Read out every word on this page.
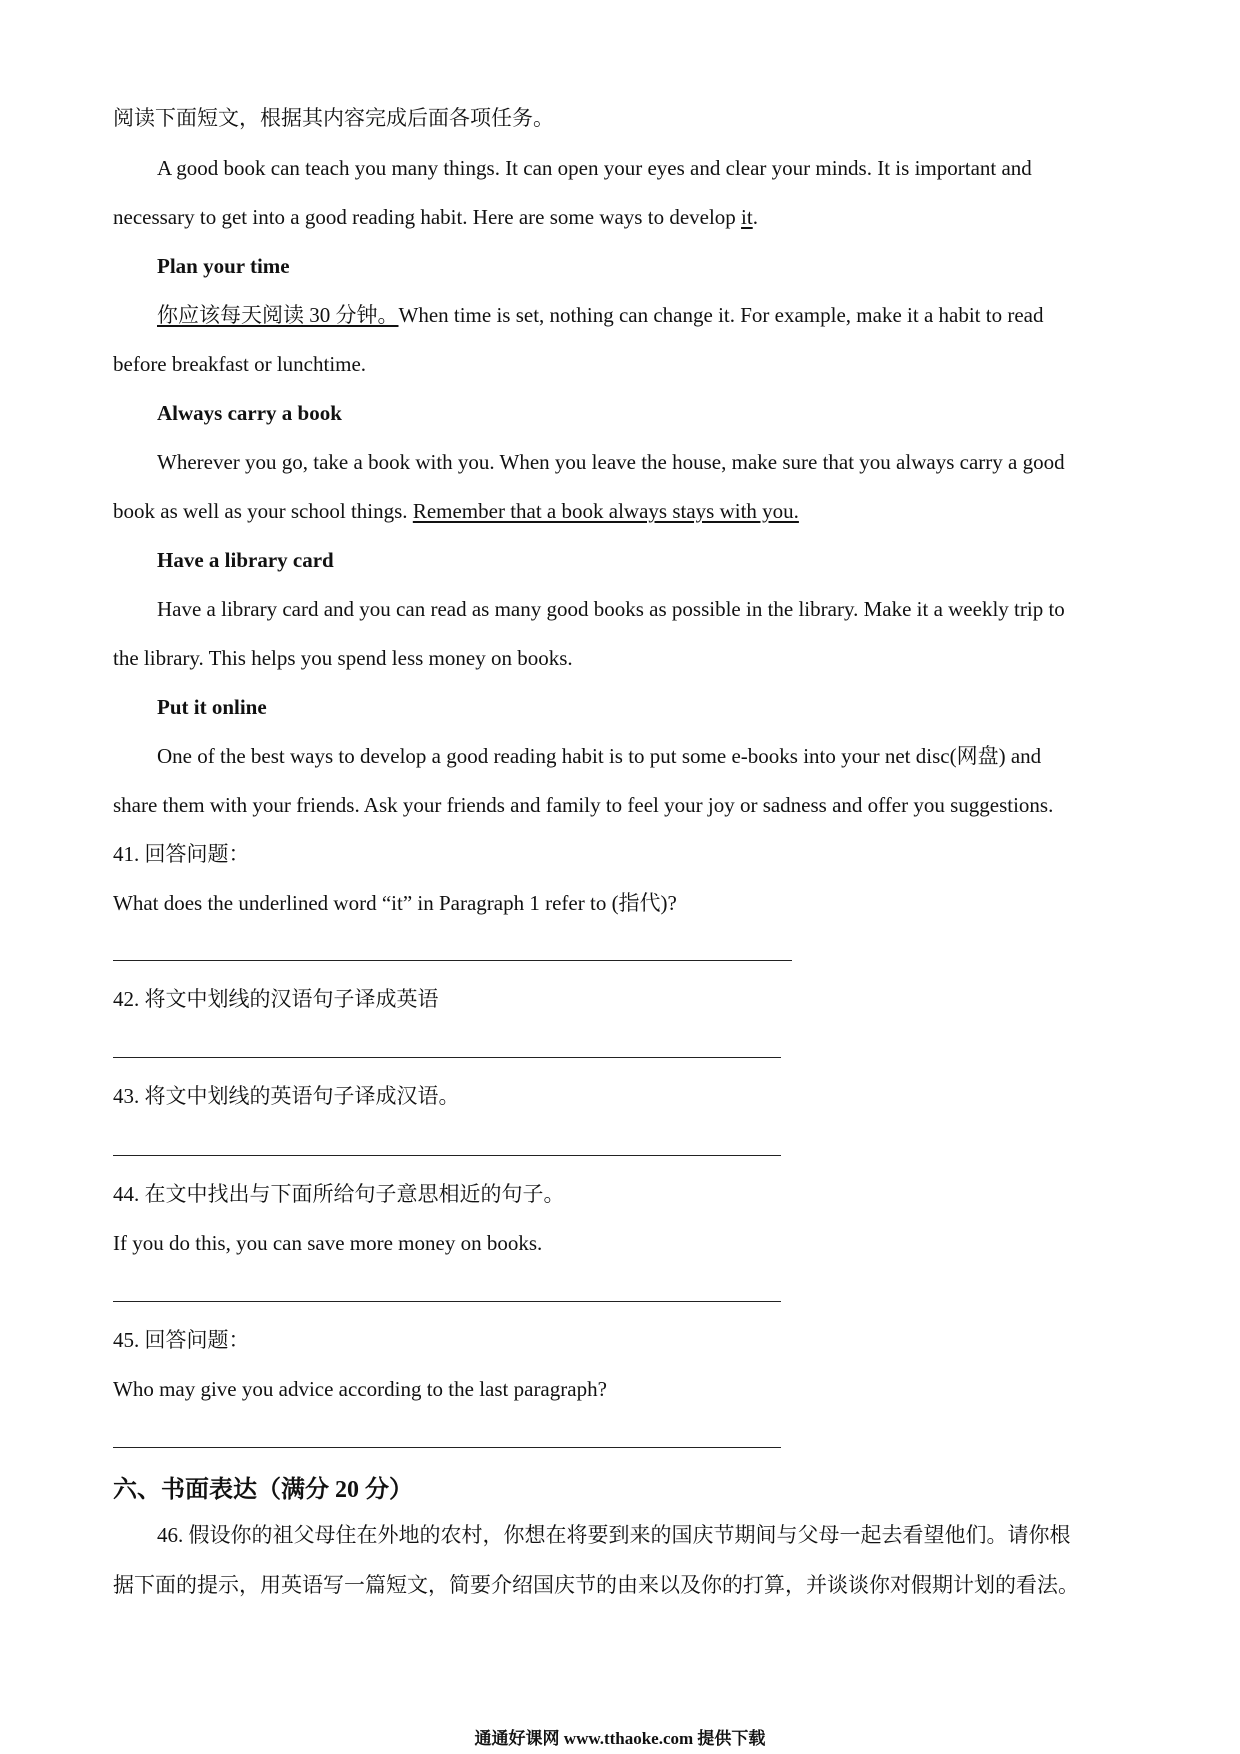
阅读下面短文，根据其内容完成后面各项任务。
A good book can teach you many things. It can open your eyes and clear your minds. It is important and
necessary to get into a good reading habit. Here are some ways to develop it.
Plan your time
你应该每天阅读 30 分钟。When time is set, nothing can change it. For example, make it a habit to read
before breakfast or lunchtime.
Always carry a book
Wherever you go, take a book with you. When you leave the house, make sure that you always carry a good
book as well as your school things. Remember that a book always stays with you.
Have a library card
Have a library card and you can read as many good books as possible in the library. Make it a weekly trip to
the library. This helps you spend less money on books.
Put it online
One of the best ways to develop a good reading habit is to put some e-books into your net disc(网盘) and
share them with your friends. Ask your friends and family to feel your joy or sadness and offer you suggestions.
41. 回答问题：
What does the underlined word “it” in Paragraph 1 refer to (指代)?
42. 将文中划线的汉语句子译成英语
43. 将文中划线的英语句子译成汉语。
44. 在文中找出与下面所给句子意思相近的句子。
If you do this, you can save more money on books.
45. 回答问题：
Who may give you advice according to the last paragraph?
六、书面表达（满分 20 分）
46. 假设你的祖父母住在外地的农村，你想在将要到来的国庆节期间与父母一起去看望他们。请你根
据下面的提示，用英语写一篇短文，简要介绍国庆节的由来以及你的打算，并谈谈你对假期计划的看法。
通通好课网 www.tthaoke.com 提供下载
